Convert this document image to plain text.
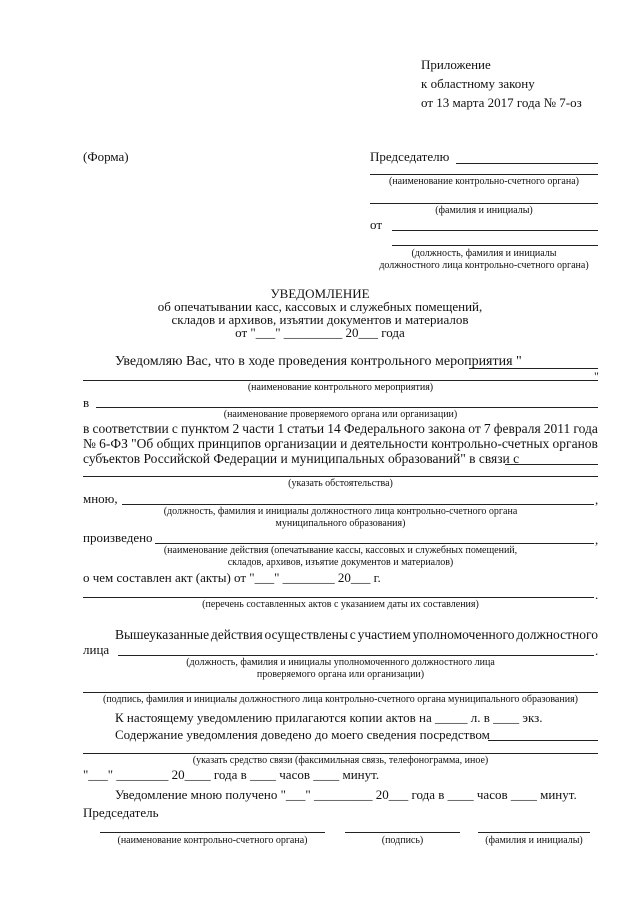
Приложение
к областному закону
от 13 марта 2017 года № 7-оз
(Форма)	Председателю
(наименование контрольно-счетного органа)
(фамилия и инициалы)
от
(должность, фамилия и инициалы
должностного лица контрольно-счетного органа)
УВЕДОМЛЕНИЕ
об опечатывании касс, кассовых и служебных помещений,
складов и архивов, изъятии документов и материалов
от "___" _________ 20___ года
Уведомляю Вас, что в ходе проведения контрольного мероприятия "
"
(наименование контрольного мероприятия)
в
(наименование проверяемого органа или организации)
в соответствии с пунктом 2 части 1 статьи 14 Федерального закона от 7 февраля 2011 года
№ 6-ФЗ "Об общих принципов организации и деятельности контрольно-счетных органов
субъектов Российской Федерации и муниципальных образований" в связи с
(указать обстоятельства)
мною,	,
(должность, фамилия и инициалы должностного лица контрольно-счетного органа
муниципального образования)
произведено	,
(наименование действия (опечатывание кассы, кассовых и служебных помещений,
складов, архивов, изъятие документов и материалов)
о чем составлен акт (акты) от "___" ________ 20___ г.
.
(перечень составленных актов с указанием даты их составления)
Вышеуказанные действия осуществлены с участием уполномоченного должностного
лица	.
(должность, фамилия и инициалы уполномоченного должностного лица
проверяемого органа или организации)
(подпись, фамилия и инициалы должностного лица контрольно-счетного органа муниципального образования)
К настоящему уведомлению прилагаются копии актов на _____ л. в ____ экз.
Содержание уведомления доведено до моего сведения посредством
(указать средство связи (факсимильная связь, телефонограмма, иное)
"___" ________ 20____ года в ____ часов ____ минут.
Уведомление мною получено "___" _________ 20___ года в ____ часов ____ минут.
Председатель
(наименование контрольно-счетного органа)	(подпись)	(фамилия и инициалы)
